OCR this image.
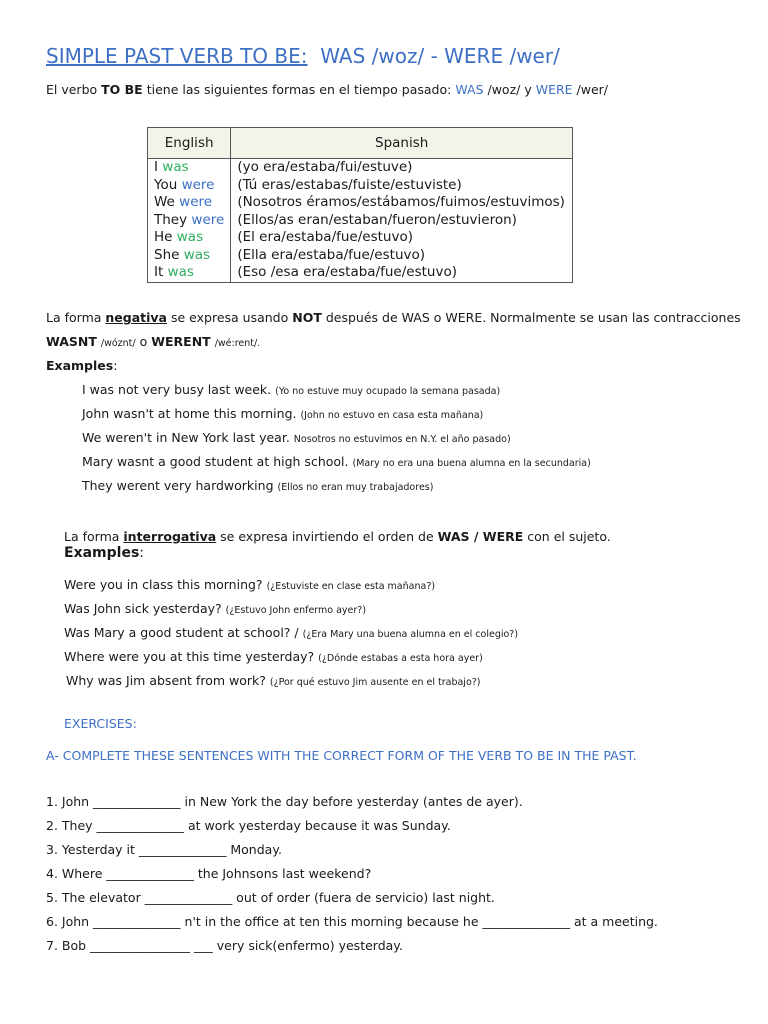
SIMPLE PAST VERB TO BE: WAS /woz/ - WERE /wer/
El verbo TO BE tiene las siguientes formas en el tiempo pasado: WAS /woz/ y WERE /wer/
English	Spanish
I was	(yo era/estaba/fui/estuve)
You were	(Tú eras/estabas/fuiste/estuviste)
We were	(Nosotros éramos/estábamos/fuimos/estuvimos)
They were	(Ellos/as eran/estaban/fueron/estuvieron)
He was	(El era/estaba/fue/estuvo)
She was	(Ella era/estaba/fue/estuvo)
It was	(Eso /esa era/estaba/fue/estuvo)
La forma negativa se expresa usando NOT después de WAS o WERE. Normalmente se usan las contracciones
WASNT /wóznt/ o WERENT /wé:rent/.
Examples:
I was not very busy last week. (Yo no estuve muy ocupado la semana pasada)
John wasn't at home this morning. (John no estuvo en casa esta mañana)
We weren't in New York last year. Nosotros no estuvimos en N.Y. el año pasado)
Mary wasnt a good student at high school. (Mary no era una buena alumna en la secundaria)
They werent very hardworking (Ellos no eran muy trabajadores)
La forma interrogativa se expresa invirtiendo el orden de WAS / WERE con el sujeto.
Examples:
Were you in class this morning? (¿Estuviste en clase esta mañana?)
Was John sick yesterday? (¿Estuvo John enfermo ayer?)
Was Mary a good student at school? / (¿Era Mary una buena alumna en el colegio?)
Where were you at this time yesterday? (¿Dónde estabas a esta hora ayer)
Why was Jim absent from work? (¿Por qué estuvo Jim ausente en el trabajo?)
EXERCISES:
A- COMPLETE THESE SENTENCES WITH THE CORRECT FORM OF THE VERB TO BE IN THE PAST.
1. John ______________ in New York the day before yesterday (antes de ayer).
2. They ______________ at work yesterday because it was Sunday.
3. Yesterday it ______________ Monday.
4. Where ______________ the Johnsons last weekend?
5. The elevator ______________ out of order (fuera de servicio) last night.
6. John ______________ n't in the office at ten this morning because he ______________ at a meeting.
7. Bob ________________ ___ very sick(enfermo) yesterday.
